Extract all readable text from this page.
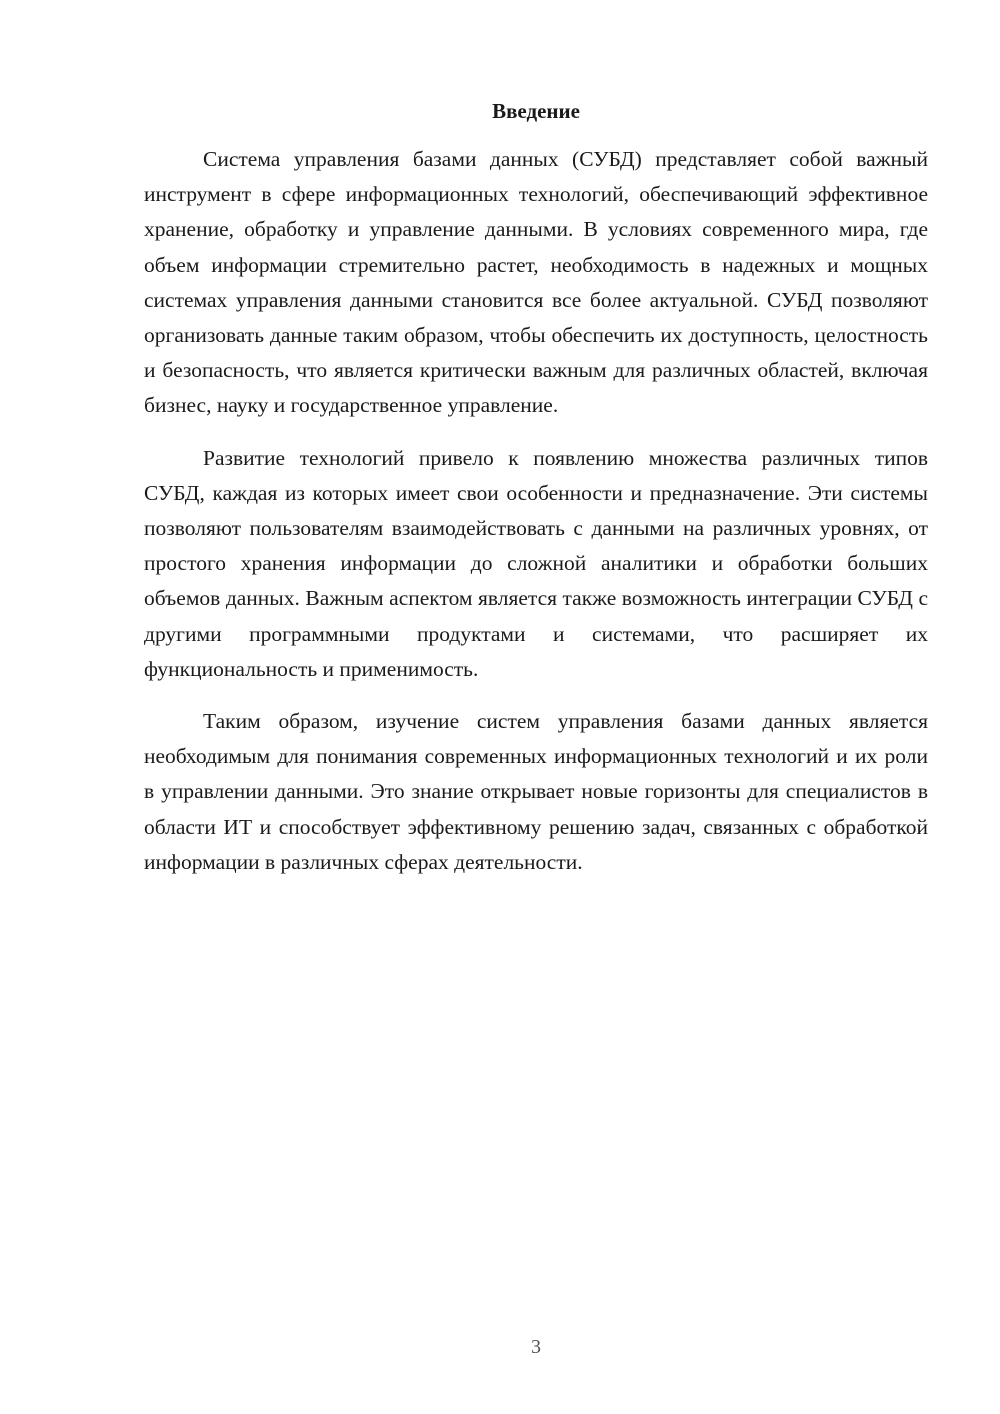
Введение

Система управления базами данных (СУБД) представляет собой важный инструмент в сфере информационных технологий, обеспечивающий эффективное хранение, обработку и управление данными. В условиях современного мира, где объем информации стремительно растет, необходимость в надежных и мощных системах управления данными становится все более актуальной. СУБД позволяют организовать данные таким образом, чтобы обеспечить их доступность, целостность и безопасность, что является критически важным для различных областей, включая бизнес, науку и государственное управление.

Развитие технологий привело к появлению множества различных типов СУБД, каждая из которых имеет свои особенности и предназначение. Эти системы позволяют пользователям взаимодействовать с данными на различных уровнях, от простого хранения информации до сложной аналитики и обработки больших объемов данных. Важным аспектом является также возможность интеграции СУБД с другими программными продуктами и системами, что расширяет их функциональность и применимость.

Таким образом, изучение систем управления базами данных является необходимым для понимания современных информационных технологий и их роли в управлении данными. Это знание открывает новые горизонты для специалистов в области ИТ и способствует эффективному решению задач, связанных с обработкой информации в различных сферах деятельности.

3
